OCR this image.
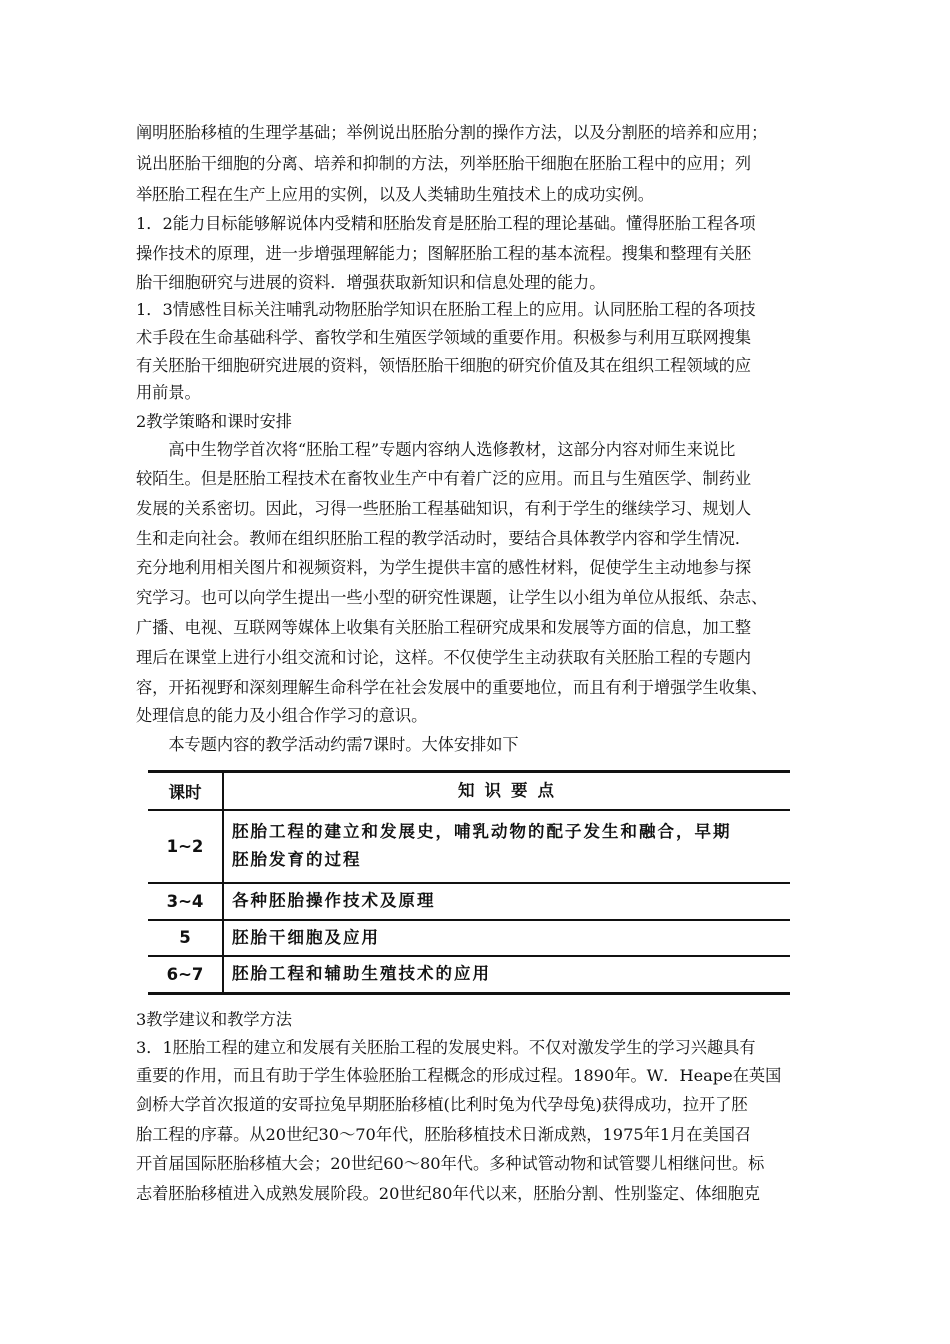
阐明胚胎移植的生理学基础；举例说出胚胎分割的操作方法，以及分割胚的培养和应用；
说出胚胎干细胞的分离、培养和抑制的方法，列举胚胎干细胞在胚胎工程中的应用；列
举胚胎工程在生产上应用的实例，以及人类辅助生殖技术上的成功实例。
1．2能力目标能够解说体内受精和胚胎发育是胚胎工程的理论基础。懂得胚胎工程各项
操作技术的原理，进一步增强理解能力；图解胚胎工程的基本流程。搜集和整理有关胚
胎干细胞研究与进展的资料．增强获取新知识和信息处理的能力。
1．3情感性目标关注哺乳动物胚胎学知识在胚胎工程上的应用。认同胚胎工程的各项技
术手段在生命基础科学、畜牧学和生殖医学领域的重要作用。积极参与利用互联网搜集
有关胚胎干细胞研究进展的资料，领悟胚胎干细胞的研究价值及其在组织工程领域的应
用前景。
2教学策略和课时安排
　　高中生物学首次将“胚胎工程”专题内容纳人选修教材，这部分内容对师生来说比
较陌生。但是胚胎工程技术在畜牧业生产中有着广泛的应用。而且与生殖医学、制药业
发展的关系密切。因此，习得一些胚胎工程基础知识，有利于学生的继续学习、规划人
生和走向社会。教师在组织胚胎工程的教学活动时，要结合具体教学内容和学生情况．
充分地利用相关图片和视频资料，为学生提供丰富的感性材料，促使学生主动地参与探
究学习。也可以向学生提出一些小型的研究性课题，让学生以小组为单位从报纸、杂志、
广播、电视、互联网等媒体上收集有关胚胎工程研究成果和发展等方面的信息，加工整
理后在课堂上进行小组交流和讨论，这样。不仅使学生主动获取有关胚胎工程的专题内
容，开拓视野和深刻理解生命科学在社会发展中的重要地位，而且有利于增强学生收集、
处理信息的能力及小组合作学习的意识。
　　本专题内容的教学活动约需7课时。大体安排如下
课时	知识要点
1~2	胚胎工程的建立和发展史，哺乳动物的配子发生和融合，早期
胚胎发育的过程

3~4	各种胚胎操作技术及原理

5	胚胎干细胞及应用

6~7	胚胎工程和辅助生殖技术的应用
3教学建议和教学方法
3．1胚胎工程的建立和发展有关胚胎工程的发展史料。不仅对激发学生的学习兴趣具有
重要的作用，而且有助于学生体验胚胎工程概念的形成过程。1890年。W．Heape在英国
剑桥大学首次报道的安哥拉兔早期胚胎移植(比利时兔为代孕母兔)获得成功，拉开了胚
胎工程的序幕。从20世纪30～70年代，胚胎移植技术日渐成熟，1975年1月在美国召
开首届国际胚胎移植大会；20世纪60～80年代。多种试管动物和试管婴儿相继问世。标
志着胚胎移植进入成熟发展阶段。20世纪80年代以来，胚胎分割、性别鉴定、体细胞克
